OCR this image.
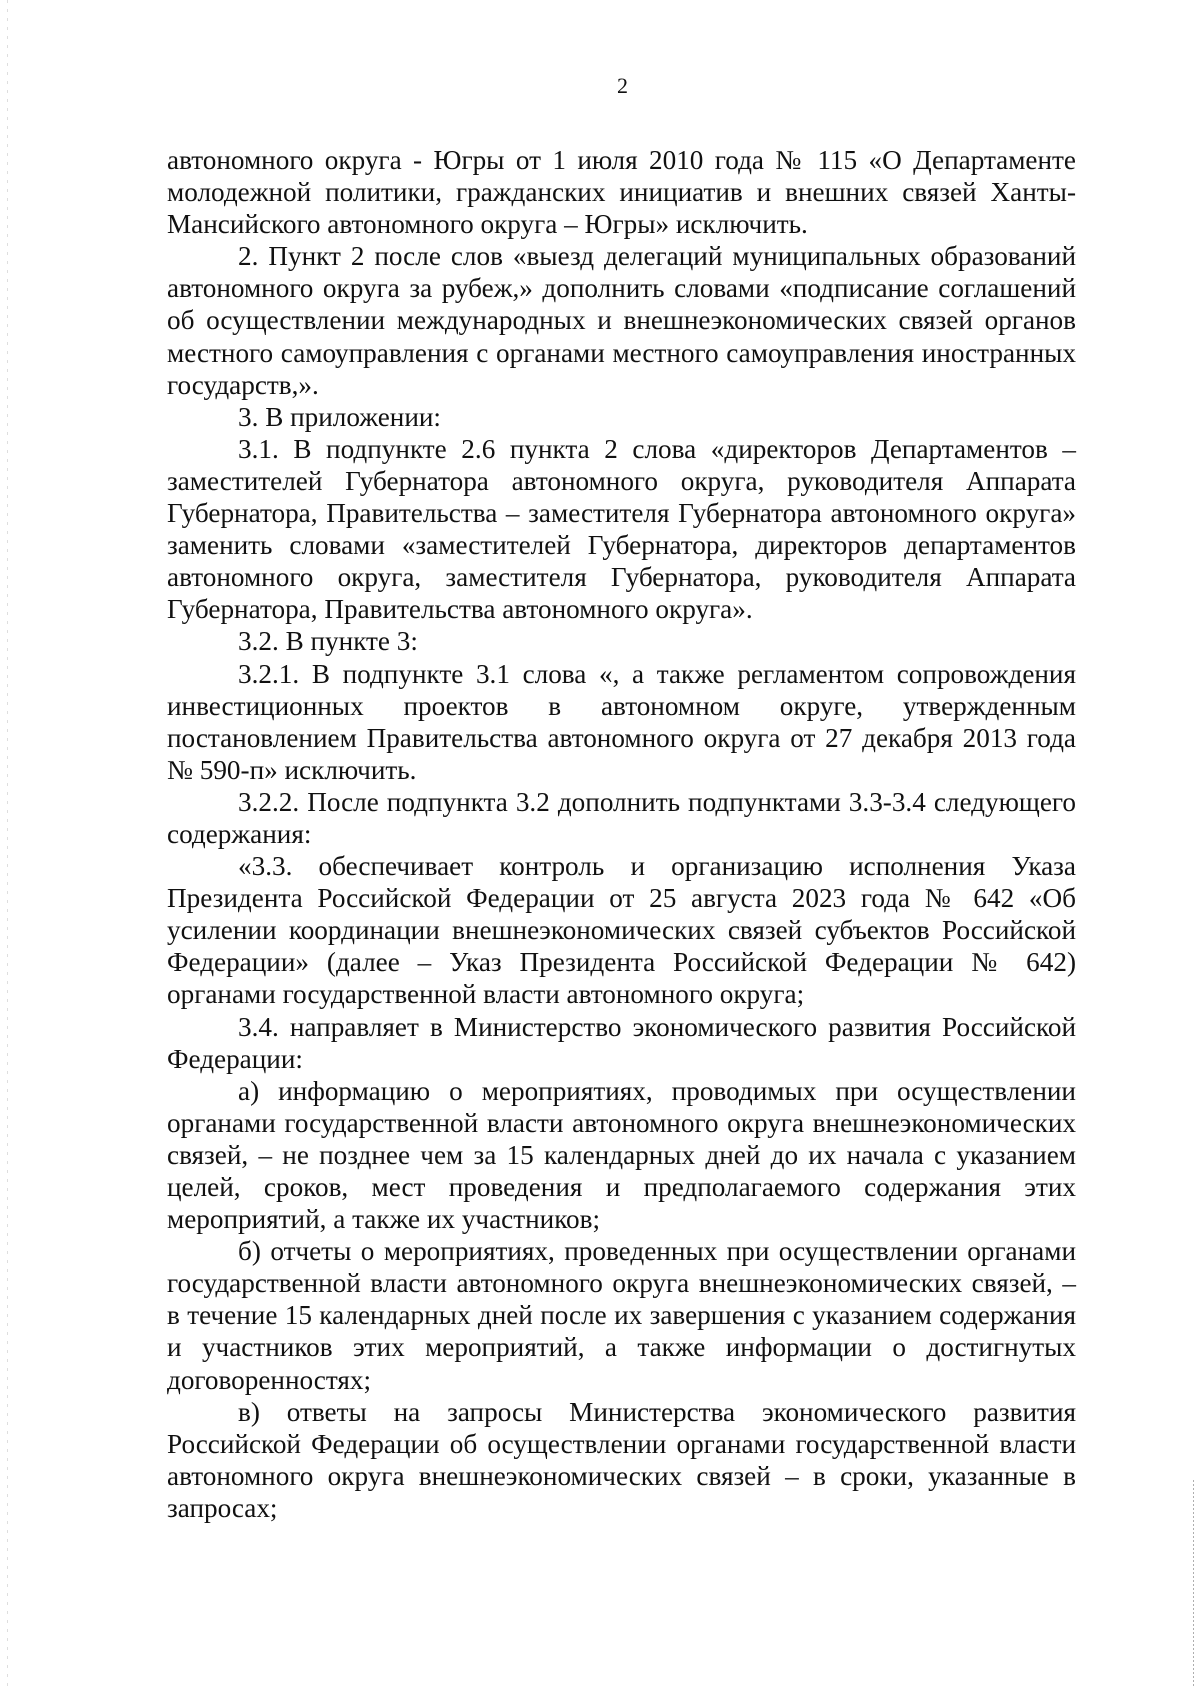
2

автономного округа - Югры от 1 июля 2010 года № 115 «О Департаменте молодежной политики, гражданских инициатив и внешних связей Ханты-Мансийского автономного округа – Югры» исключить.

2. Пункт 2 после слов «выезд делегаций муниципальных образований автономного округа за рубеж,» дополнить словами «подписание соглашений об осуществлении международных и внешнеэкономических связей органов местного самоуправления с органами местного самоуправления иностранных государств,».

3. В приложении:

3.1. В подпункте 2.6 пункта 2 слова «директоров Департаментов – заместителей Губернатора автономного округа, руководителя Аппарата Губернатора, Правительства – заместителя Губернатора автономного округа» заменить словами «заместителей Губернатора, директоров департаментов автономного округа, заместителя Губернатора, руководителя Аппарата Губернатора, Правительства автономного округа».

3.2. В пункте 3:

3.2.1. В подпункте 3.1 слова «, а также регламентом сопровождения инвестиционных проектов в автономном округе, утвержденным постановлением Правительства автономного округа от 27 декабря 2013 года № 590-п» исключить.

3.2.2. После подпункта 3.2 дополнить подпунктами 3.3-3.4 следующего содержания:

«3.3. обеспечивает контроль и организацию исполнения Указа Президента Российской Федерации от 25 августа 2023 года № 642 «Об усилении координации внешнеэкономических связей субъектов Российской Федерации» (далее – Указ Президента Российской Федерации № 642) органами государственной власти автономного округа;

3.4. направляет в Министерство экономического развития Российской Федерации:

а) информацию о мероприятиях, проводимых при осуществлении органами государственной власти автономного округа внешнеэкономических связей, – не позднее чем за 15 календарных дней до их начала с указанием целей, сроков, мест проведения и предполагаемого содержания этих мероприятий, а также их участников;

б) отчеты о мероприятиях, проведенных при осуществлении органами государственной власти автономного округа внешнеэкономических связей, – в течение 15 календарных дней после их завершения с указанием содержания и участников этих мероприятий, а также информации о достигнутых договоренностях;

в) ответы на запросы Министерства экономического развития Российской Федерации об осуществлении органами государственной власти автономного округа внешнеэкономических связей – в сроки, указанные в запросах;
